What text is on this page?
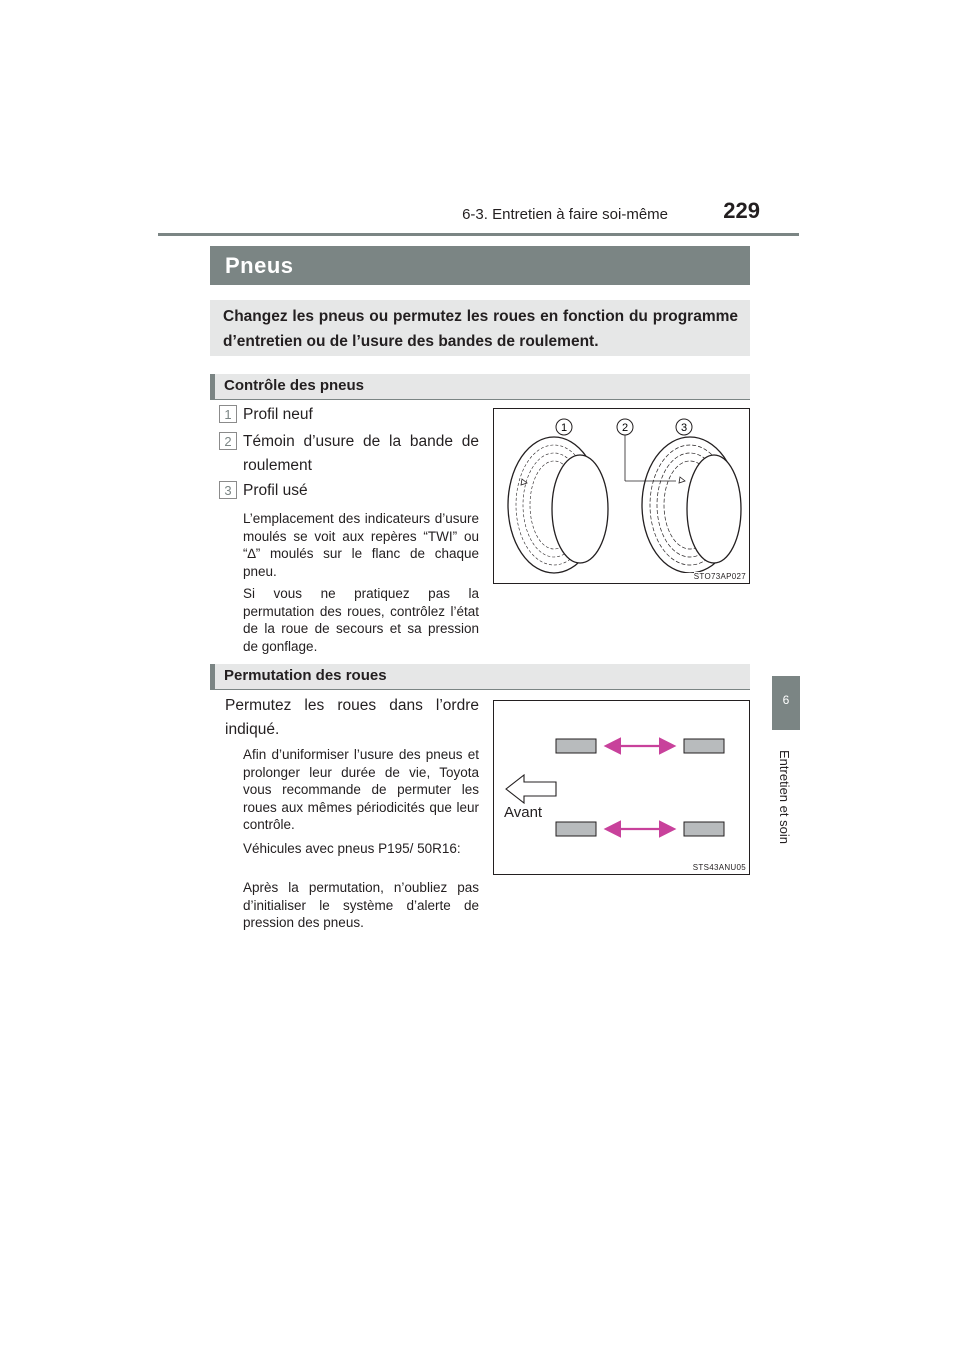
6-3. Entretien à faire soi-même	229
6
Entretien et soin
Pneus
Changez les pneus ou permutez les roues en fonction du programme d’entretien ou de l’usure des bandes de roulement.
Contrôle des pneus
1 Profil neuf
2 Témoin d’usure de la bande de roulement
3 Profil usé
L’emplacement des indicateurs d’usure moulés se voit aux repères “TWI” ou “∆” moulés sur le flanc de chaque pneu.
Si vous ne pratiquez pas la permutation des roues, contrôlez l’état de la roue de secours et sa pression de gonflage.
1	2	3
STO73AP027
Permutation des roues
Permutez les roues dans l’ordre indiqué.
Afin d’uniformiser l’usure des pneus et prolonger leur durée de vie, Toyota vous recommande de permuter les roues aux mêmes périodicités que leur contrôle.
Véhicules avec pneus P195/ 50R16:
Après la permutation, n’oubliez pas d’initialiser le système d’alerte de pression des pneus.
Avant
STS43ANU05
